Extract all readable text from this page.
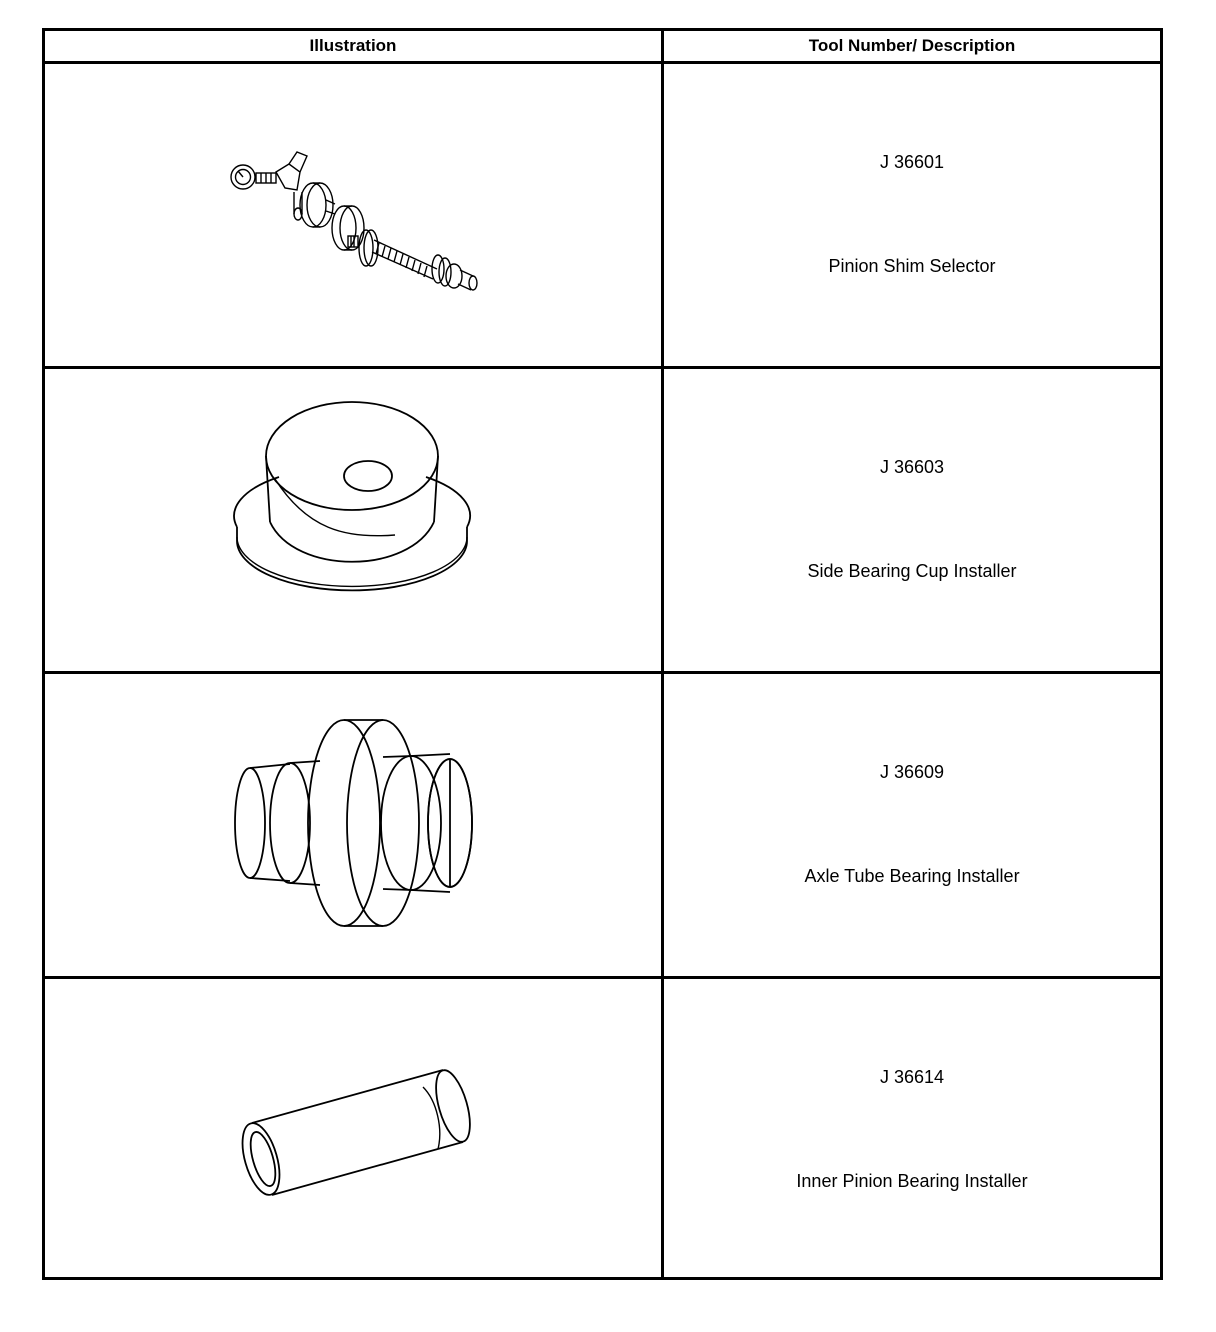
Illustration	Tool Number/ Description
J 36601
Pinion Shim Selector
J 36603
Side Bearing Cup Installer
J 36609
Axle Tube Bearing Installer
J 36614
Inner Pinion Bearing Installer
